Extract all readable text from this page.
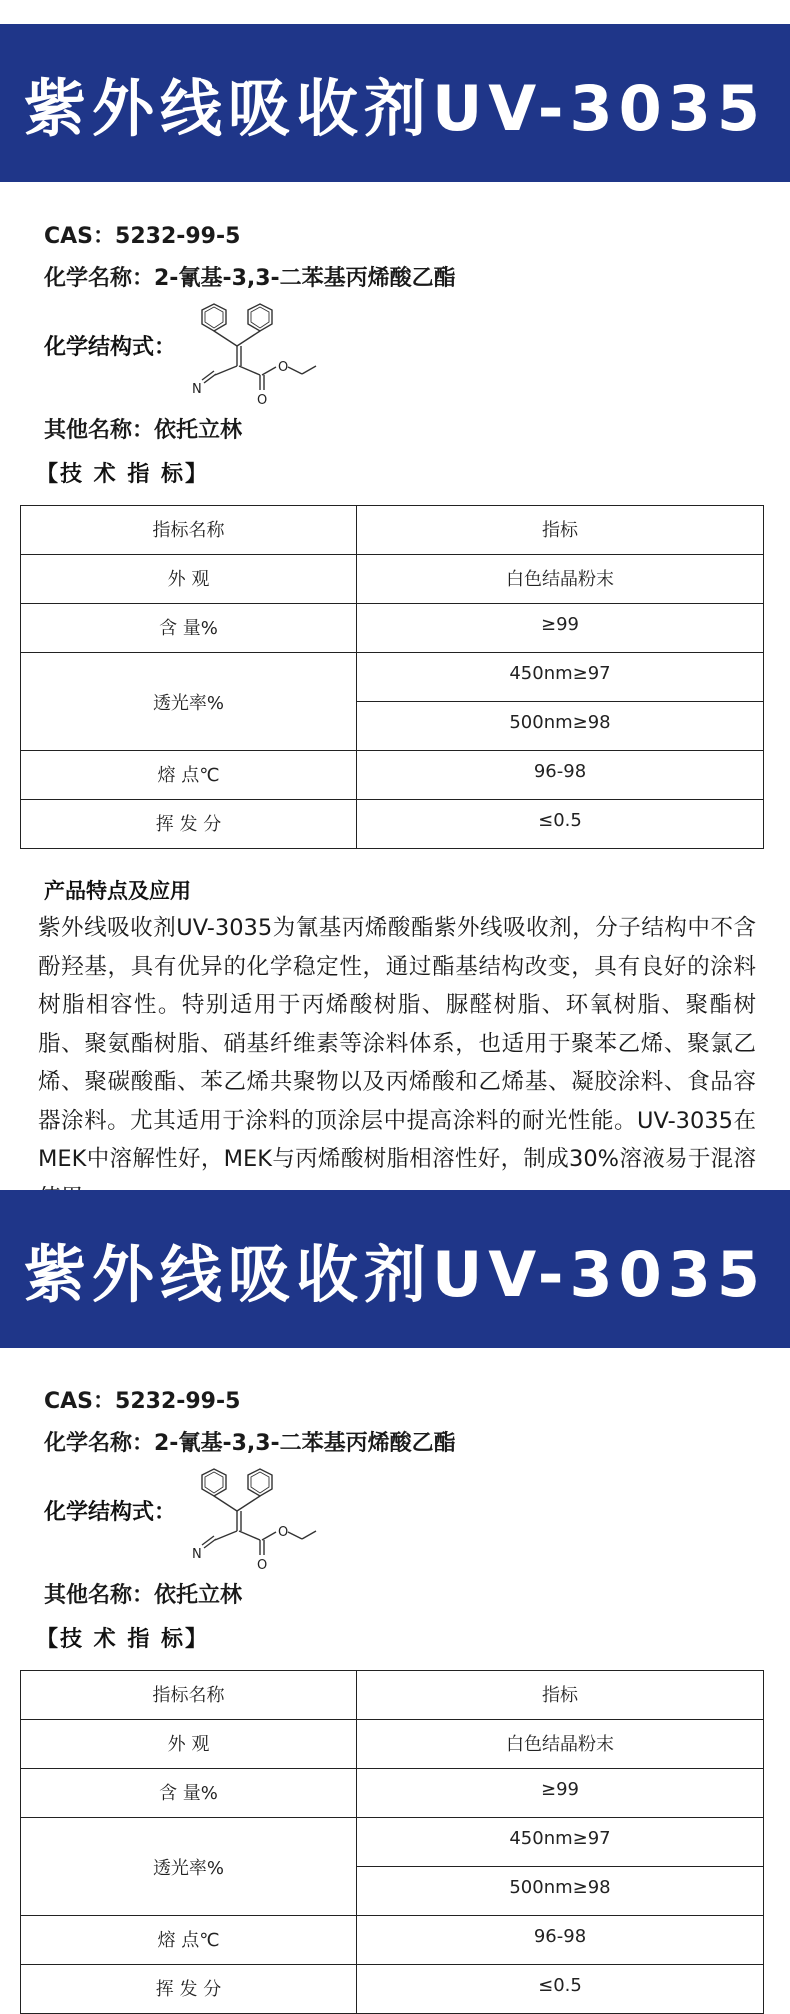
紫外线吸收剂UV-3035
CAS：5232-99-5
化学名称：2-氰基-3,3-二苯基丙烯酸乙酯
化学结构式：
N
O
O
其他名称：依托立林
【技 术 指 标】
指标名称	指标
外 观	白色结晶粉末
含 量%	≥99
透光率%	450nm≥97
	500nm≥98
熔 点℃	96-98
挥 发 分	≤0.5
产品特点及应用
紫外线吸收剂UV-3035为氰基丙烯酸酯紫外线吸收剂，分子结构中不含酚羟基，具有优异的化学稳定性，通过酯基结构改变，具有良好的涂料树脂相容性。特别适用于丙烯酸树脂、脲醛树脂、环氧树脂、聚酯树脂、聚氨酯树脂、硝基纤维素等涂料体系，也适用于聚苯乙烯、聚氯乙烯、聚碳酸酯、苯乙烯共聚物以及丙烯酸和乙烯基、凝胶涂料、食品容器涂料。尤其适用于涂料的顶涂层中提高涂料的耐光性能。UV-3035在MEK中溶解性好，MEK与丙烯酸树脂相溶性好，制成30%溶液易于混溶
紫外线吸收剂UV-3035
CAS：5232-99-5
化学名称：2-氰基-3,3-二苯基丙烯酸乙酯
化学结构式：
N
O
O
其他名称：依托立林
【技 术 指 标】
指标名称	指标
外 观	白色结晶粉末
含 量%	≥99
透光率%	450nm≥97
	500nm≥98
熔 点℃	96-98
挥 发 分	≤0.5
